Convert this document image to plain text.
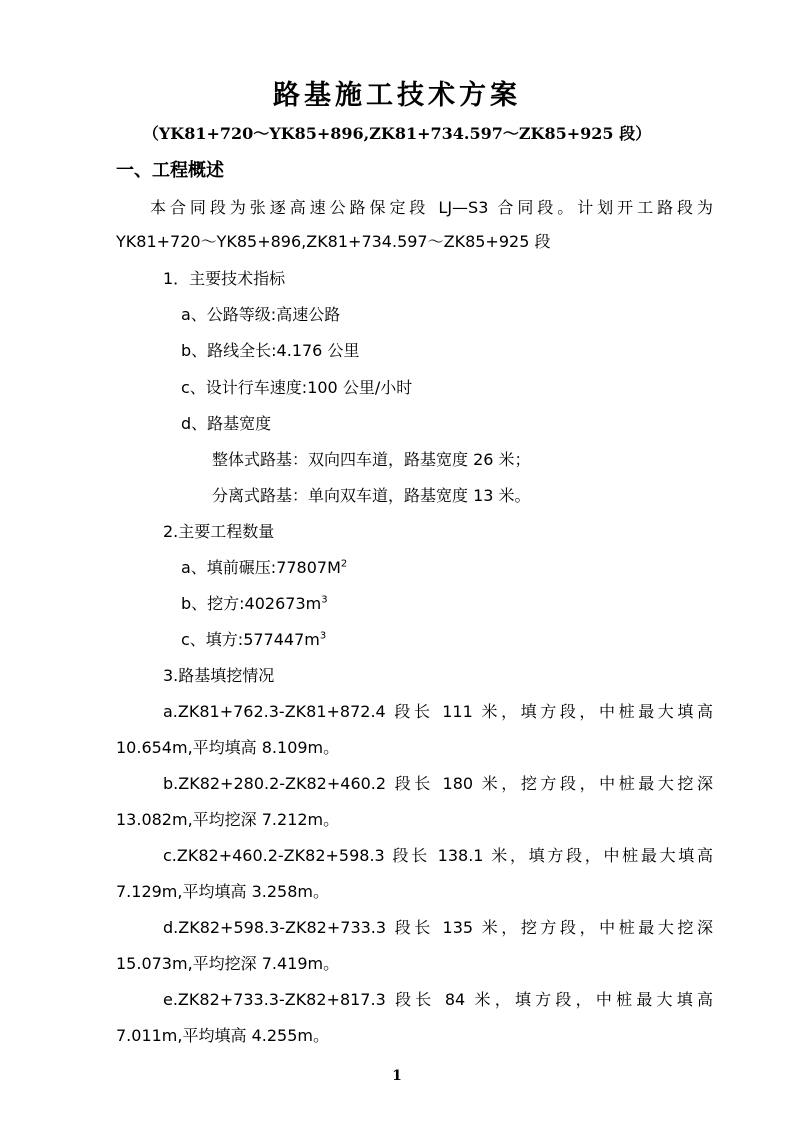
路基施工技术方案
（YK81+720～YK85+896,ZK81+734.597～ZK85+925 段）
一、工程概述
本合同段为张逐高速公路保定段 LJ—S3 合同段。计划开工路段为
YK81+720～YK85+896,ZK81+734.597～ZK85+925 段
1．主要技术指标
a、公路等级:高速公路
b、路线全长:4.176 公里
c、设计行车速度:100 公里/小时
d、路基宽度
整体式路基：双向四车道，路基宽度 26 米；
分离式路基：单向双车道，路基宽度 13 米。
2.主要工程数量
a、填前碾压$:77807M^2$
b、挖方$:402673m^3$
c、填方$:577447m^3$
3.路基填挖情况
a.ZK81+762.3-ZK81+872.4 段长 111 米，填方段，中桩最大填高
10.654m,平均填高 8.109m。
b.ZK82+280.2-ZK82+460.2 段长 180 米，挖方段，中桩最大挖深
13.082m,平均挖深 7.212m。
c.ZK82+460.2-ZK82+598.3 段长 138.1 米，填方段，中桩最大填高
7.129m,平均填高 3.258m。
d.ZK82+598.3-ZK82+733.3 段长 135 米，挖方段，中桩最大挖深
15.073m,平均挖深 7.419m。
e.ZK82+733.3-ZK82+817.3 段长 84 米，填方段，中桩最大填高
7.011m,平均填高 4.255m。
1
